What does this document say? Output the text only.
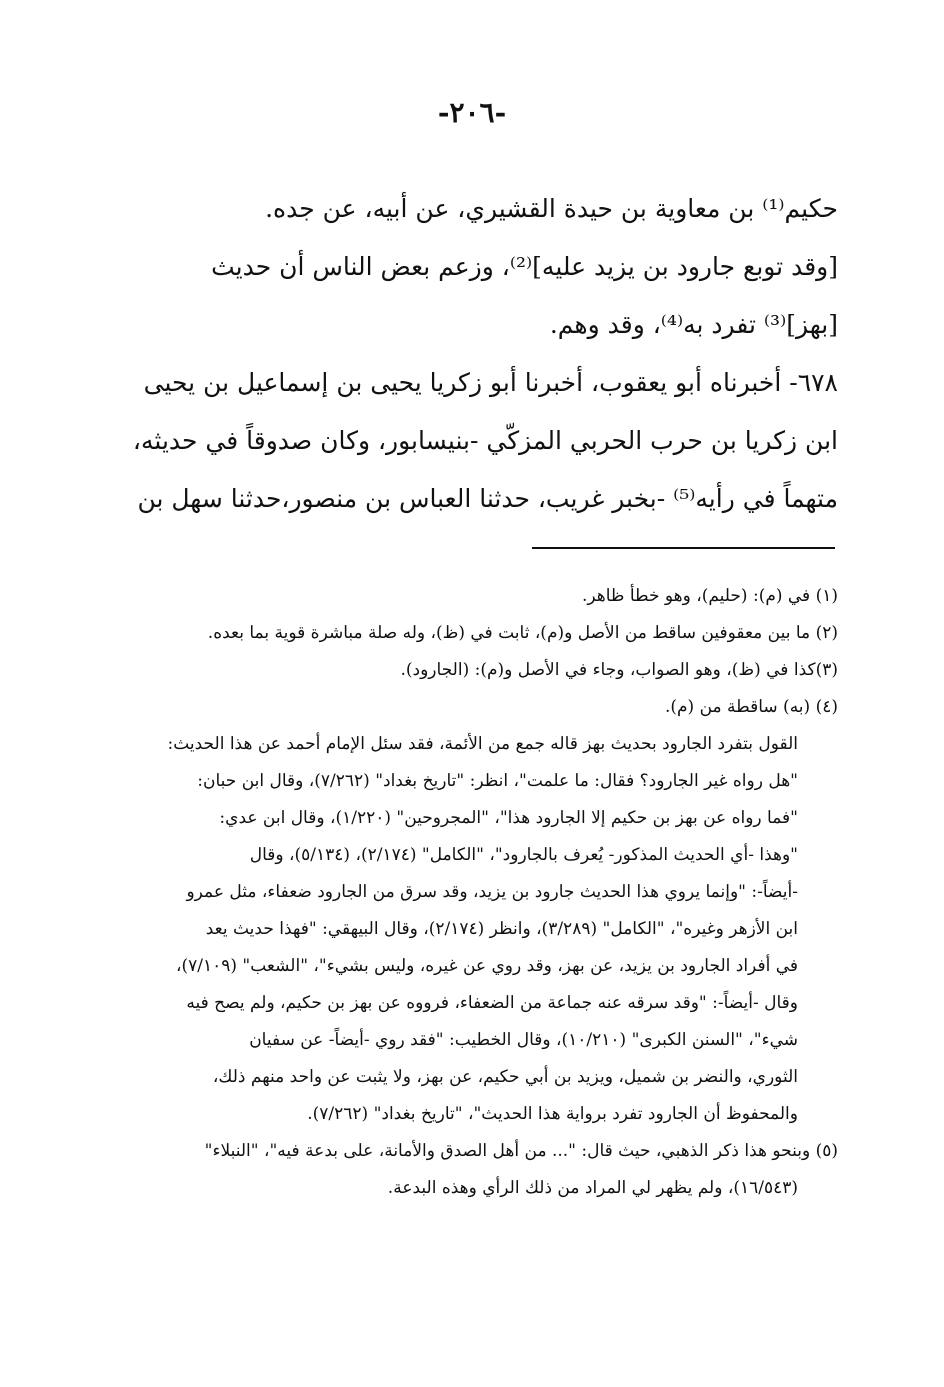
-٢٠٦-
حكيم⁽¹⁾ بن معاوية بن حيدة القشيري، عن أبيه، عن جده.
[وقد توبع جارود بن يزيد عليه]⁽²⁾، وزعم بعض الناس أن حديث
[بهز]⁽³⁾ تفرد به⁽⁴⁾، وقد وهم.
٦٧٨- أخبرناه أبو يعقوب، أخبرنا أبو زكريا يحيى بن إسماعيل بن يحيى
ابن زكريا بن حرب الحربي المزكّي -بنيسابور، وكان صدوقاً في حديثه،
متهماً في رأيه⁽⁵⁾ -بخبر غريب، حدثنا العباس بن منصور،حدثنا سهل بن
(١) في (م): (حليم)، وهو خطأ ظاهر.
(٢) ما بين معقوفين ساقط من الأصل و(م)، ثابت في (ظ)، وله صلة مباشرة قوية بما بعده.
(٣)كذا في (ظ)، وهو الصواب، وجاء في الأصل و(م): (الجارود).
(٤) (به) ساقطة من (م).
القول بتفرد الجارود بحديث بهز قاله جمع من الأئمة، فقد سئل الإمام أحمد عن هذا الحديث:
"هل رواه غير الجارود؟ فقال: ما علمت"، انظر: "تاريخ بغداد" (٧/٢٦٢)، وقال ابن حبان:
"فما رواه عن بهز بن حكيم إلا الجارود هذا"، "المجروحين" (١/٢٢٠)، وقال ابن عدي:
"وهذا -أي الحديث المذكور- يُعرف بالجارود"، "الكامل" (٢/١٧٤)، (٥/١٣٤)، وقال
-أيضاً-: "وإنما يروي هذا الحديث جارود بن يزيد، وقد سرق من الجارود ضعفاء، مثل عمرو
ابن الأزهر وغيره"، "الكامل" (٣/٢٨٩)، وانظر (٢/١٧٤)، وقال البيهقي: "فهذا حديث يعد
في أفراد الجارود بن يزيد، عن بهز، وقد روي عن غيره، وليس بشيء"، "الشعب" (٧/١٠٩)،
وقال -أيضاً-: "وقد سرقه عنه جماعة من الضعفاء، فرووه عن بهز بن حكيم، ولم يصح فيه
شيء"، "السنن الكبرى" (١٠/٢١٠)، وقال الخطيب: "فقد روي -أيضاً- عن سفيان
الثوري، والنضر بن شميل، ويزيد بن أبي حكيم، عن بهز، ولا يثبت عن واحد منهم ذلك،
والمحفوظ أن الجارود تفرد برواية هذا الحديث"، "تاريخ بغداد" (٧/٢٦٢).
(٥) وبنحو هذا ذكر الذهبي، حيث قال: "... من أهل الصدق والأمانة، على بدعة فيه"، "النبلاء"
(١٦/٥٤٣)، ولم يظهر لي المراد من ذلك الرأي وهذه البدعة.
